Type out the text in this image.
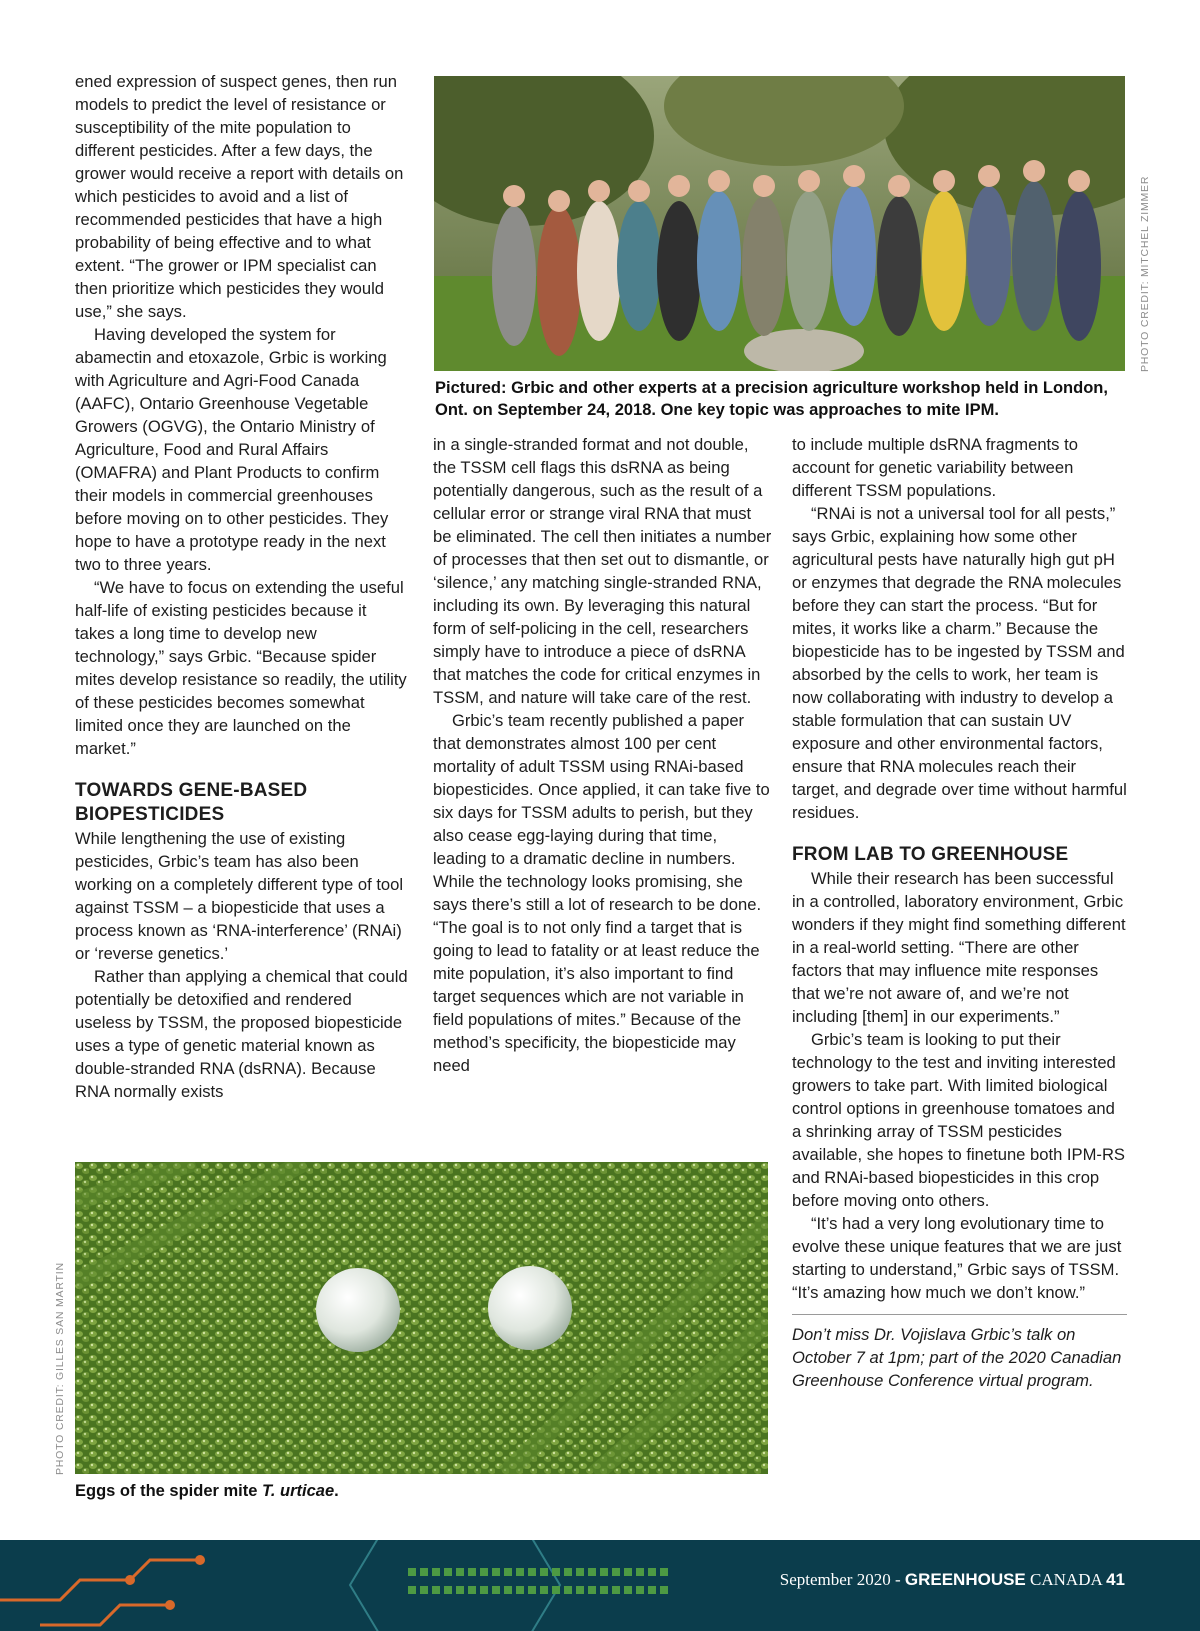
ened expression of suspect genes, then run models to predict the level of resistance or susceptibility of the mite population to different pesticides. After a few days, the grower would receive a report with details on which pesticides to avoid and a list of recommended pesticides that have a high probability of being effective and to what extent. “The grower or IPM specialist can then prioritize which pesticides they would use,” she says.

Having developed the system for abamectin and etoxazole, Grbic is working with Agriculture and Agri-Food Canada (AAFC), Ontario Greenhouse Vegetable Growers (OGVG), the Ontario Ministry of Agriculture, Food and Rural Affairs (OMAFRA) and Plant Products to confirm their models in commercial greenhouses before moving on to other pesticides. They hope to have a prototype ready in the next two to three years.

“We have to focus on extending the useful half-life of existing pesticides because it takes a long time to develop new technology,” says Grbic. “Because spider mites develop resistance so readily, the utility of these pesticides becomes somewhat limited once they are launched on the market.”

TOWARDS GENE-BASED BIOPESTICIDES

While lengthening the use of existing pesticides, Grbic’s team has also been working on a completely different type of tool against TSSM – a biopesticide that uses a process known as ‘RNA-interference’ (RNAi) or ‘reverse genetics.’

Rather than applying a chemical that could potentially be detoxified and rendered useless by TSSM, the proposed biopesticide uses a type of genetic material known as double-stranded RNA (dsRNA). Because RNA normally exists

PHOTO CREDIT: MITCHEL ZIMMER
Pictured: Grbic and other experts at a precision agriculture workshop held in London, Ont. on September 24, 2018. One key topic was approaches to mite IPM.

in a single-stranded format and not double, the TSSM cell flags this dsRNA as being potentially dangerous, such as the result of a cellular error or strange viral RNA that must be eliminated. The cell then initiates a number of processes that then set out to dismantle, or ‘silence,’ any matching single-stranded RNA, including its own. By leveraging this natural form of self-policing in the cell, researchers simply have to introduce a piece of dsRNA that matches the code for critical enzymes in TSSM, and nature will take care of the rest.

Grbic’s team recently published a paper that demonstrates almost 100 per cent mortality of adult TSSM using RNAi-based biopesticides. Once applied, it can take five to six days for TSSM adults to perish, but they also cease egg-laying during that time, leading to a dramatic decline in numbers. While the technology looks promising, she says there’s still a lot of research to be done. “The goal is to not only find a target that is going to lead to fatality or at least reduce the mite population, it’s also important to find target sequences which are not variable in field populations of mites.” Because of the method’s specificity, the biopesticide may need

to include multiple dsRNA fragments to account for genetic variability between different TSSM populations.

“RNAi is not a universal tool for all pests,” says Grbic, explaining how some other agricultural pests have naturally high gut pH or enzymes that degrade the RNA molecules before they can start the process. “But for mites, it works like a charm.” Because the biopesticide has to be ingested by TSSM and absorbed by the cells to work, her team is now collaborating with industry to develop a stable formulation that can sustain UV exposure and other environmental factors, ensure that RNA molecules reach their target, and degrade over time without harmful residues.

FROM LAB TO GREENHOUSE

While their research has been successful in a controlled, laboratory environment, Grbic wonders if they might find something different in a real-world setting. “There are other factors that may influence mite responses that we’re not aware of, and we’re not including [them] in our experiments.”

Grbic’s team is looking to put their technology to the test and inviting interested growers to take part. With limited biological control options in greenhouse tomatoes and a shrinking array of TSSM pesticides available, she hopes to finetune both IPM-RS and RNAi-based biopesticides in this crop before moving onto others.

“It’s had a very long evolutionary time to evolve these unique features that we are just starting to understand,” Grbic says of TSSM. “It’s amazing how much we don’t know.”

Don’t miss Dr. Vojislava Grbic’s talk on October 7 at 1pm; part of the 2020 Canadian Greenhouse Conference virtual program.

PHOTO CREDIT: GILLES SAN MARTIN
Eggs of the spider mite T. urticae.
September 2020 - GREENHOUSE CANADA 41
